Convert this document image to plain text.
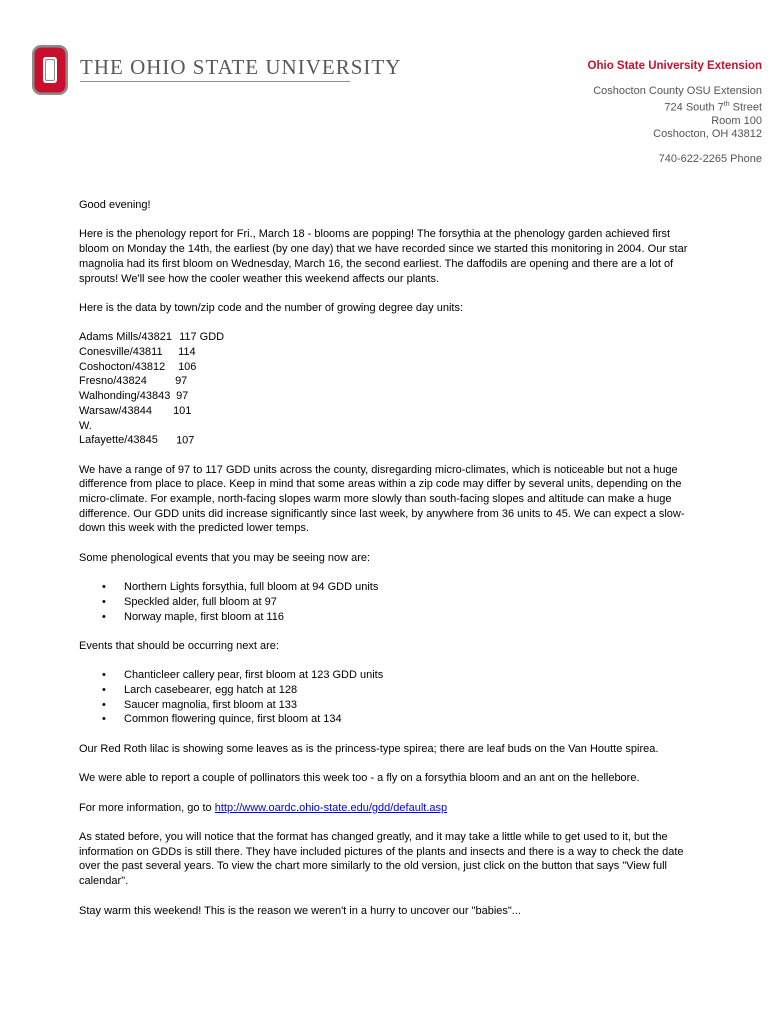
THE OHIO STATE UNIVERSITY	Ohio State University Extension
Coshocton County OSU Extension
724 South 7th Street
Room 100
Coshocton, OH 43812
740-622-2265 Phone

Good evening!

Here is the phenology report for Fri., March 18 - blooms are popping! The forsythia at the phenology garden achieved first bloom on Monday the 14th, the earliest (by one day) that we have recorded since we started this monitoring in 2004. Our star magnolia had its first bloom on Wednesday, March 16, the second earliest. The daffodils are opening and there are a lot of sprouts! We'll see how the cooler weather this weekend affects our plants.

Here is the data by town/zip code and the number of growing degree day units:

Adams Mills/43821 117 GDD
Conesville/43811 114
Coshocton/43812 106
Fresno/43824	97
Walhonding/43843 97
Warsaw/43844 101
W. Lafayette/43845 107

We have a range of 97 to 117 GDD units across the county, disregarding micro-climates, which is noticeable but not a huge difference from place to place. Keep in mind that some areas within a zip code may differ by several units, depending on the micro-climate. For example, north-facing slopes warm more slowly than south-facing slopes and altitude can make a huge difference. Our GDD units did increase significantly since last week, by anywhere from 36 units to 45. We can expect a slow-down this week with the predicted lower temps.

Some phenological events that you may be seeing now are:

• Northern Lights forsythia, full bloom at 94 GDD units
• Speckled alder, full bloom at 97
• Norway maple, first bloom at 116

Events that should be occurring next are:

• Chanticleer callery pear, first bloom at 123 GDD units
• Larch casebearer, egg hatch at 128
• Saucer magnolia, first bloom at 133
• Common flowering quince, first bloom at 134

Our Red Roth lilac is showing some leaves as is the princess-type spirea; there are leaf buds on the Van Houtte spirea.

We were able to report a couple of pollinators this week too - a fly on a forsythia bloom and an ant on the hellebore.

For more information, go to http://www.oardc.ohio-state.edu/gdd/default.asp

As stated before, you will notice that the format has changed greatly, and it may take a little while to get used to it, but the information on GDDs is still there. They have included pictures of the plants and insects and there is a way to check the date over the past several years. To view the chart more similarly to the old version, just click on the button that says "View full calendar".

Stay warm this weekend! This is the reason we weren't in a hurry to uncover our "babies"...
